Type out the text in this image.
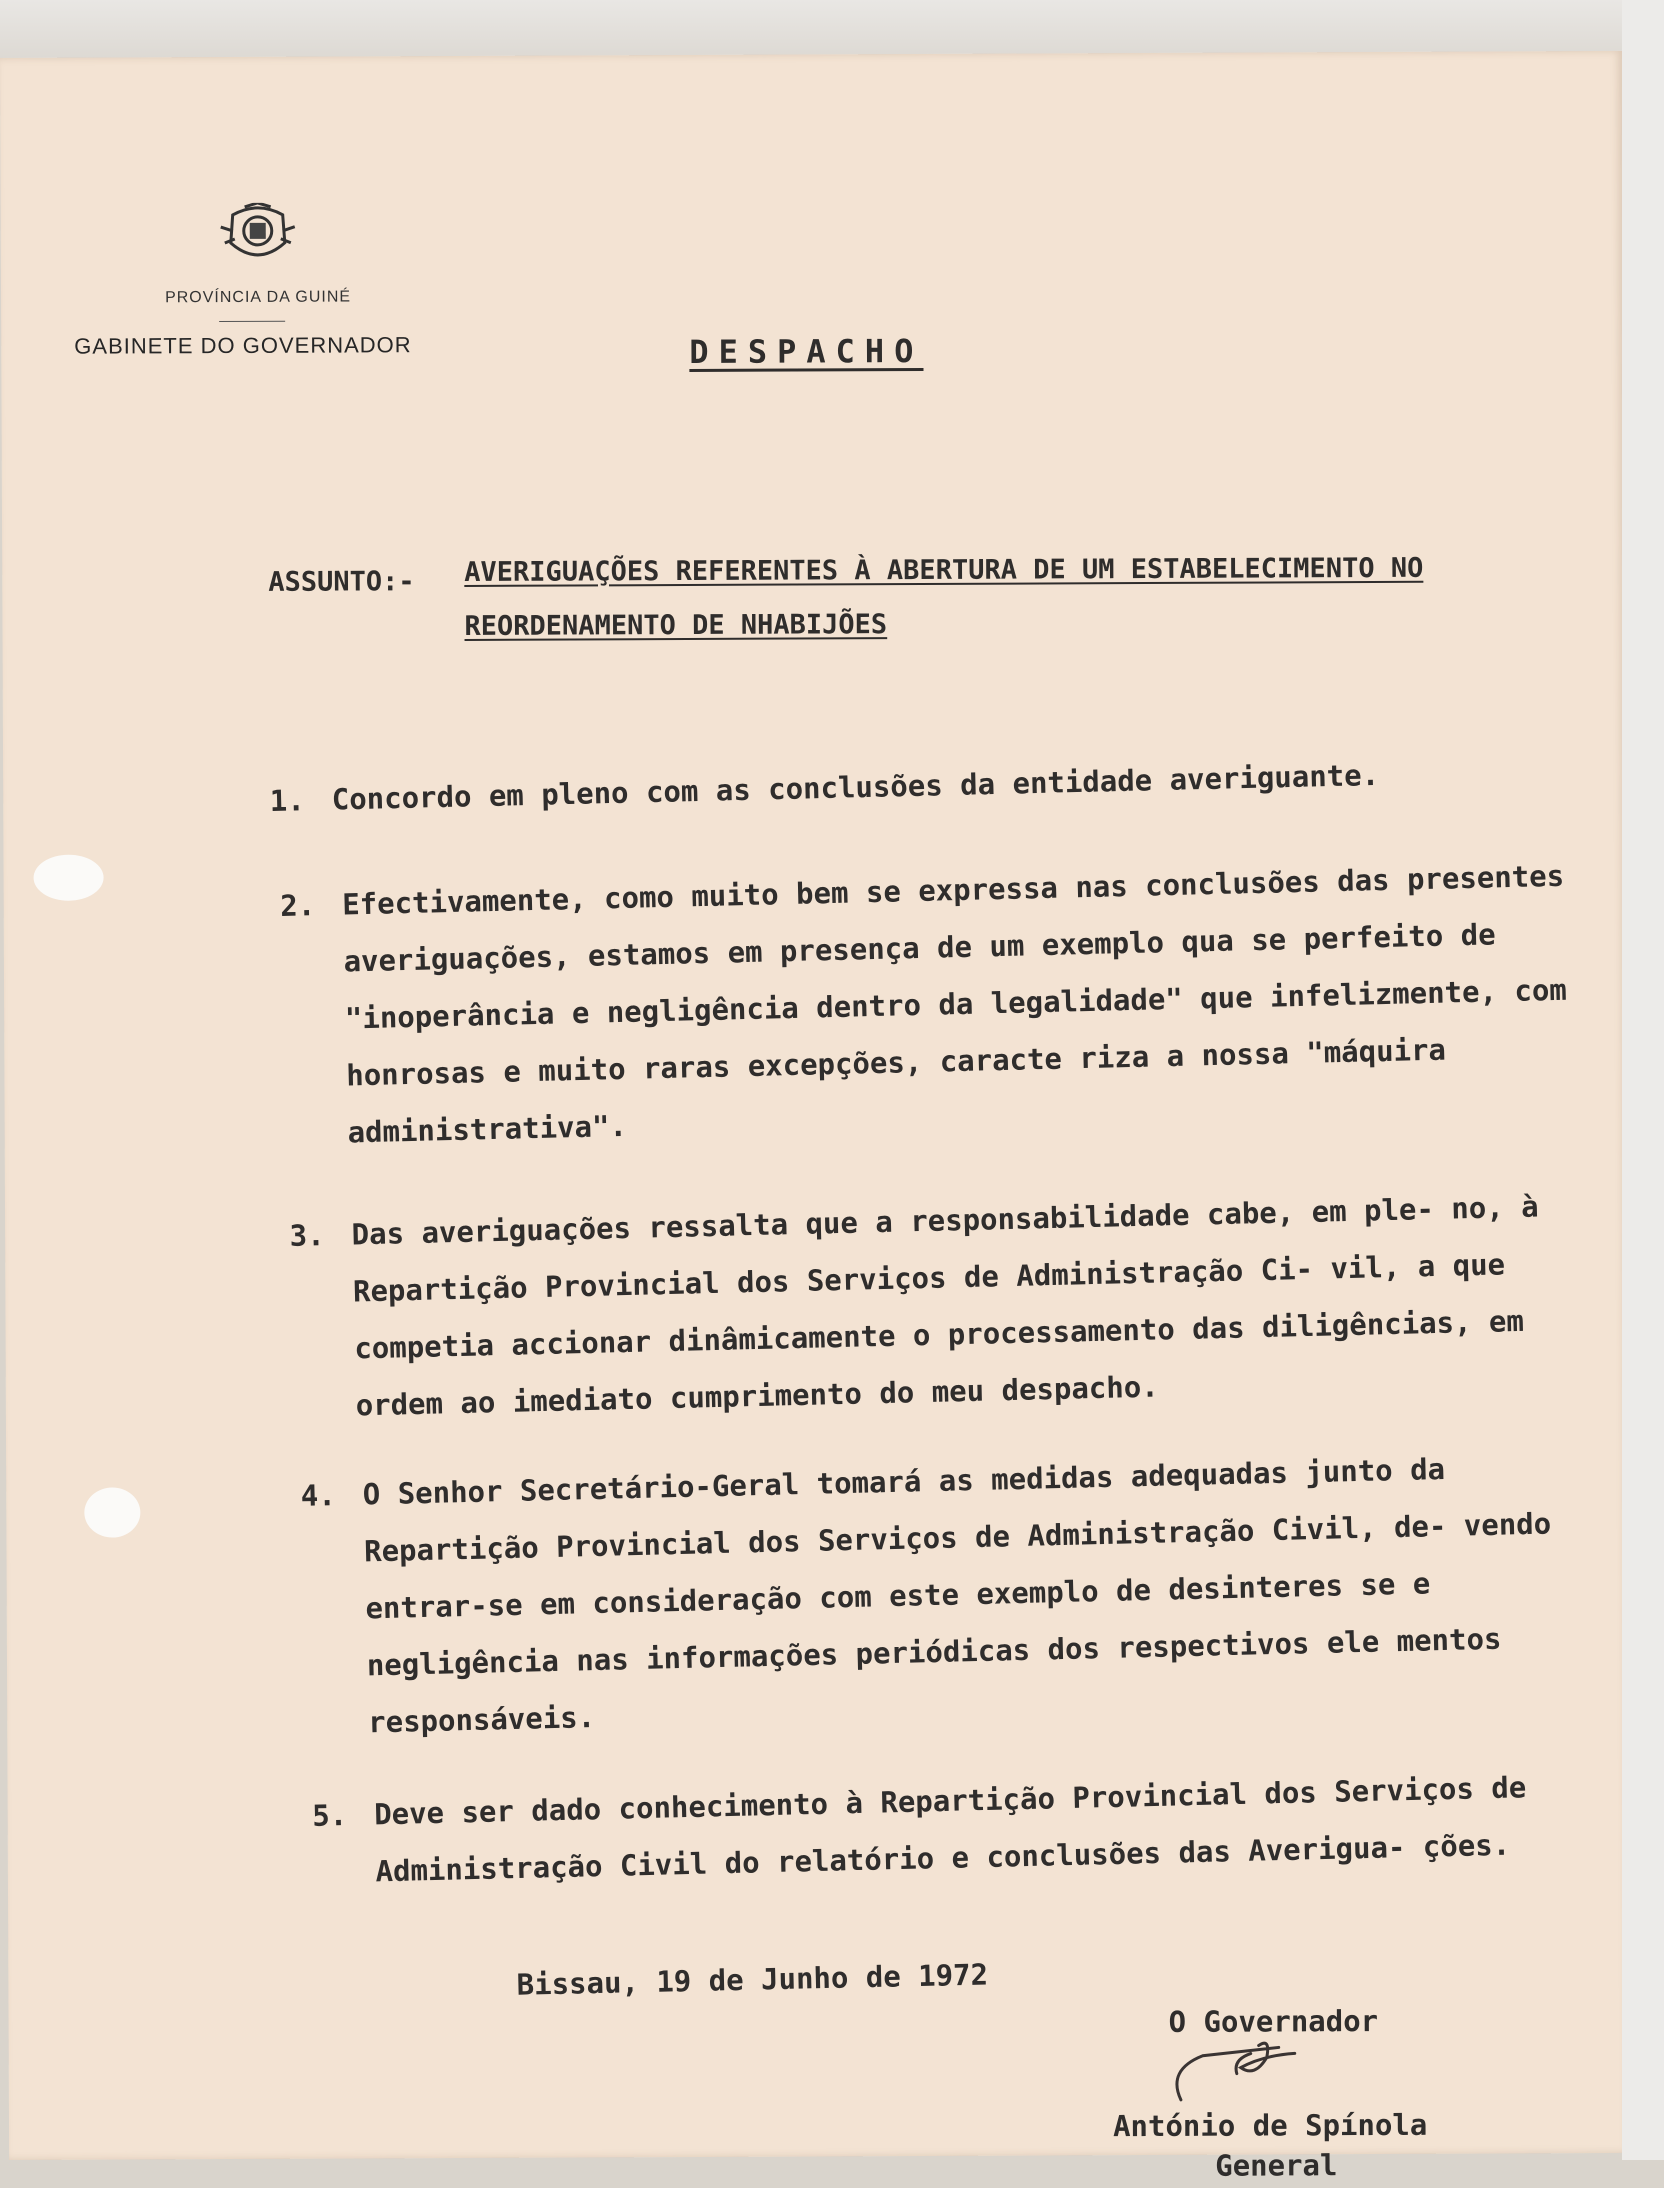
PROVÍNCIA DA GUINÉ
GABINETE DO GOVERNADOR	DESPACHO
ASSUNTO:- AVERIGUAÇÕES REFERENTES À ABERTURA DE UM ESTABELECIMENTO NO REORDENAMENTO DE NHABIJÕES
1. Concordo em pleno com as conclusões da entidade averiguante.
2. Efectivamente, como muito bem se expressa nas conclusões das presentes averiguações, estamos em presença de um exemplo qua se perfeito de "inoperância e negligência dentro da legalidade" que infelizmente, com honrosas e muito raras excepções, caracte riza a nossa "máquira administrativa".
3. Das averiguações ressalta que a responsabilidade cabe, em ple- no, à Repartição Provincial dos Serviços de Administração Ci- vil, a que competia accionar dinâmicamente o processamento das diligências, em ordem ao imediato cumprimento do meu despacho.
4. O Senhor Secretário-Geral tomará as medidas adequadas junto da Repartição Provincial dos Serviços de Administração Civil, de- vendo entrar-se em consideração com este exemplo de desinteres se e negligência nas informações periódicas dos respectivos ele mentos responsáveis.
5. Deve ser dado conhecimento à Repartição Provincial dos Serviços de Administração Civil do relatório e conclusões das Averigua- ções.
Bissau, 19 de Junho de 1972
O Governador
António de Spínola
General
